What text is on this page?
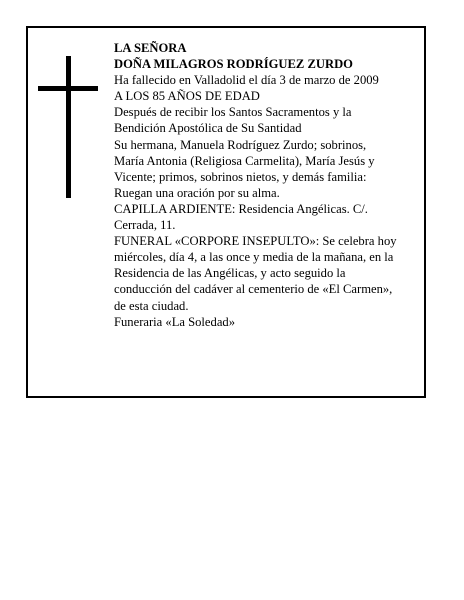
LA SEÑORA
DOÑA MILAGROS RODRÍGUEZ ZURDO
Ha fallecido en Valladolid el día 3 de marzo de 2009
A LOS 85 AÑOS DE EDAD
Después de recibir los Santos Sacramentos y la
Bendición Apostólica de Su Santidad
Su hermana, Manuela Rodríguez Zurdo; sobrinos,
María Antonia (Religiosa Carmelita), María Jesús y
Vicente; primos, sobrinos nietos, y demás familia:
Ruegan una oración por su alma.
CAPILLA ARDIENTE: Residencia Angélicas. C/.
Cerrada, 11.
FUNERAL «CORPORE INSEPULTO»: Se celebra hoy
miércoles, día 4, a las once y media de la mañana, en la
Residencia de las Angélicas, y acto seguido la
conducción del cadáver al cementerio de «El Carmen»,
de esta ciudad.
Funeraria «La Soledad»
